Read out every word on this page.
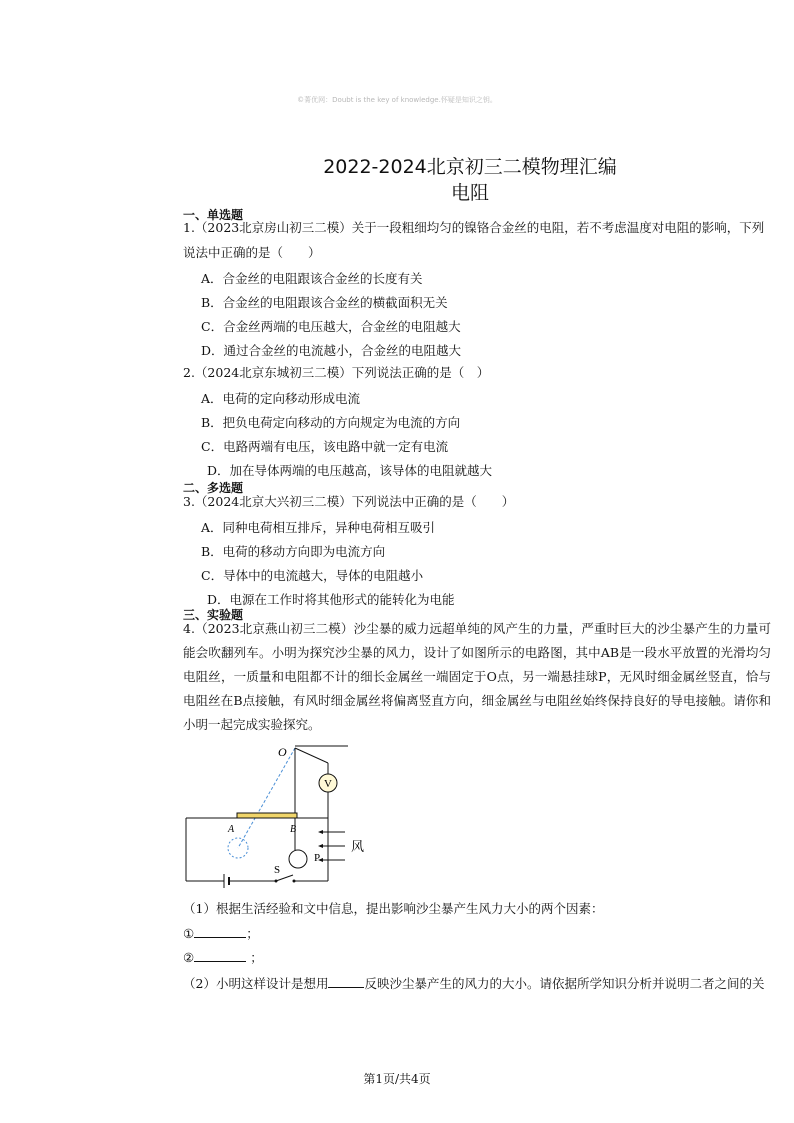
©菁优网：Doubt is the key of knowledge.怀疑是知识之钥。
2022-2024北京初三二模物理汇编
电阻
一、单选题
1.（2023北京房山初三二模）关于一段粗细均匀的镍铬合金丝的电阻，若不考虑温度对电阻的影响，下列
说法中正确的是（　　）
A．合金丝的电阻跟该合金丝的长度有关
B．合金丝的电阻跟该合金丝的横截面积无关
C．合金丝两端的电压越大，合金丝的电阻越大
D．通过合金丝的电流越小，合金丝的电阻越大
2.（2024北京东城初三二模）下列说法正确的是（　）
A．电荷的定向移动形成电流
B．把负电荷定向移动的方向规定为电流的方向
C．电路两端有电压，该电路中就一定有电流
D．加在导体两端的电压越高，该导体的电阻就越大
二、多选题
3.（2024北京大兴初三二模）下列说法中正确的是（　　）
A．同种电荷相互排斥，异种电荷相互吸引
B．电荷的移动方向即为电流方向
C．导体中的电流越大，导体的电阻越小
D．电源在工作时将其他形式的能转化为电能
三、实验题
4.（2023北京燕山初三二模）沙尘暴的威力远超单纯的风产生的力量，严重时巨大的沙尘暴产生的力量可能会吹翻列车。小明为探究沙尘暴的风力，设计了如图所示的电路图，其中AB是一段水平放置的光滑均匀电阻丝，一质量和电阻都不计的细长金属丝一端固定于O点，另一端悬挂球P，无风时细金属丝竖直，恰与电阻丝在B点接触，有风时细金属丝将偏离竖直方向，细金属丝与电阻丝始终保持良好的导电接触。请你和小明一起完成实验探究。
O
V
A	B
P
S
风
（1）根据生活经验和文中信息，提出影响沙尘暴产生风力大小的两个因素：
①	；
②	；
（2）小明这样设计是想用	反映沙尘暴产生的风力的大小。请依据所学知识分析并说明二者之间的关
第1页/共4页
